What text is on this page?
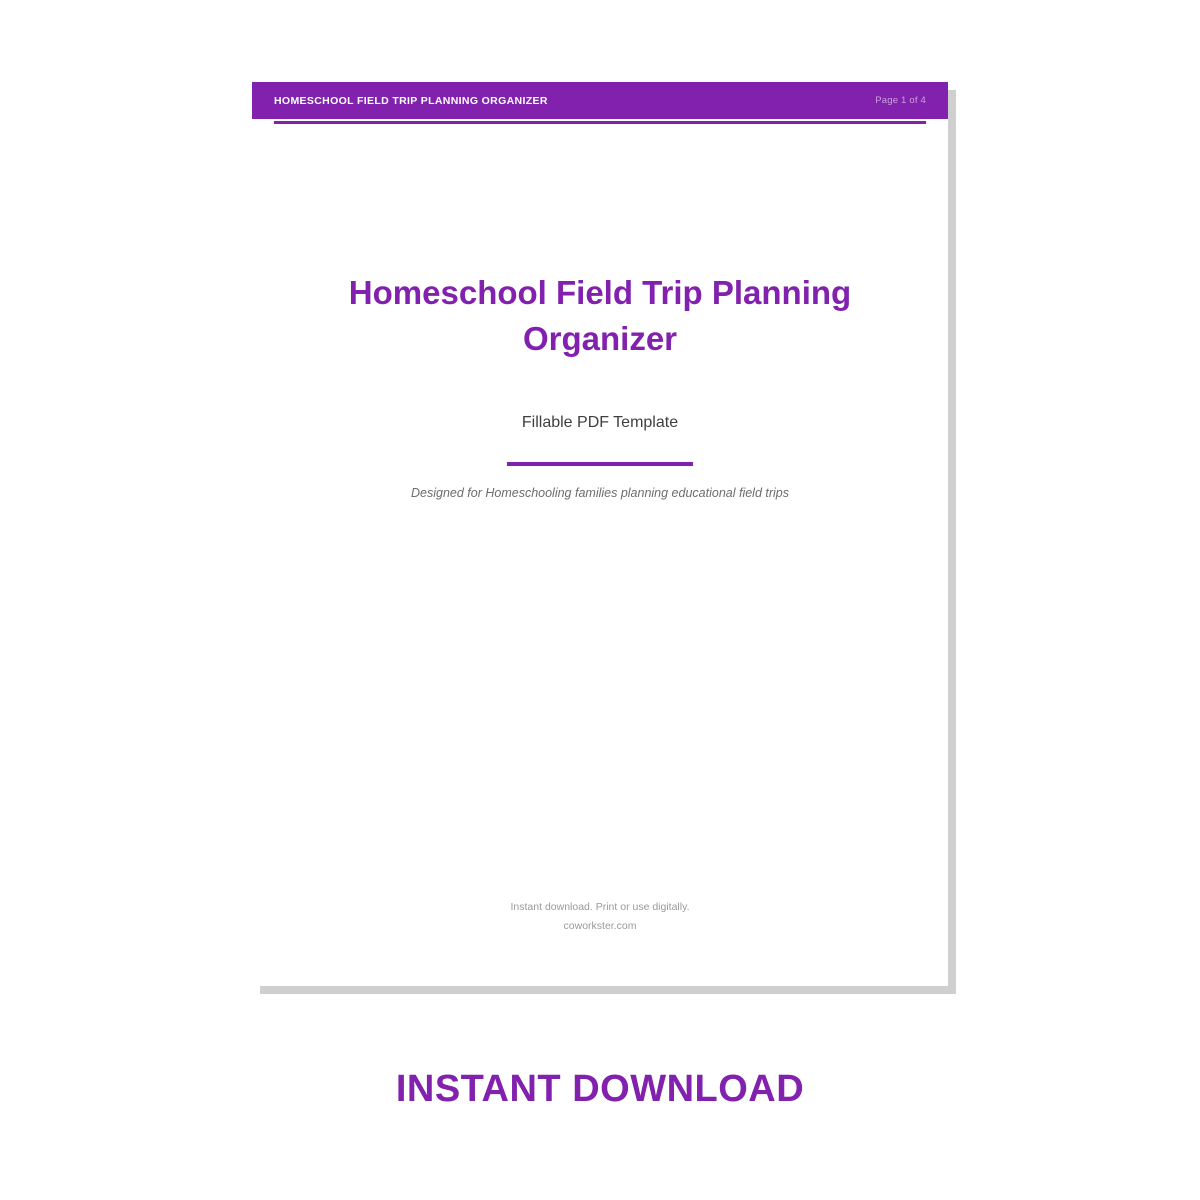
HOMESCHOOL FIELD TRIP PLANNING ORGANIZER	Page 1 of 4
Homeschool Field Trip Planning Organizer
Fillable PDF Template
Designed for Homeschooling families planning educational field trips
Instant download. Print or use digitally.
coworkster.com
INSTANT DOWNLOAD
